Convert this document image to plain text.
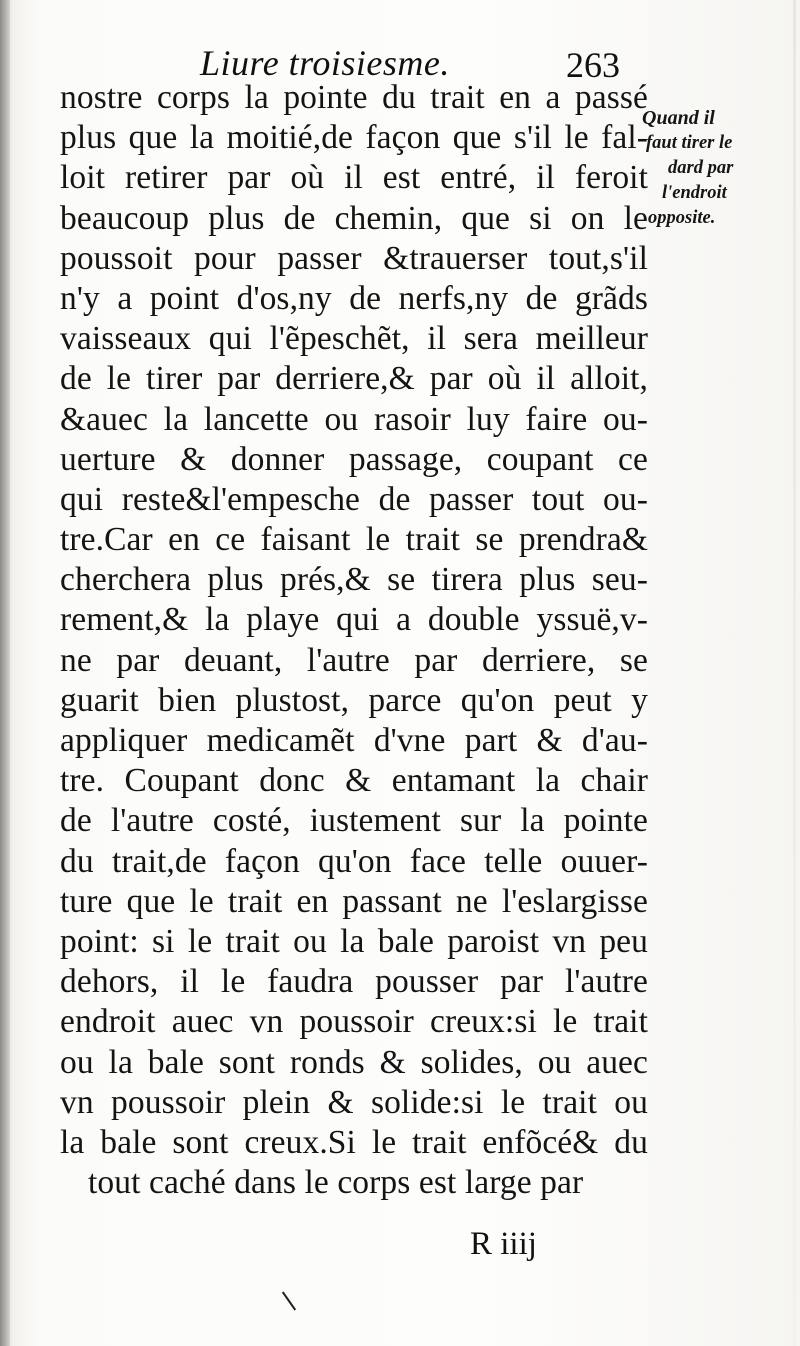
Liure troisiesme.	263
nostre corps la pointe du trait en a passé
plus que la moitié,de façon que s'il le fal-
loit retirer par où il est entré, il feroit
beaucoup plus de chemin, que si on le
poussoit pour passer &trauerser tout,s'il
n'y a point d'os,ny de nerfs,ny de grãds
vaisseaux qui l'ẽpeschẽt, il sera meilleur
de le tirer par derriere,& par où il alloit,
&auec la lancette ou rasoir luy faire ou-
uerture & donner passage, coupant ce
qui reste&l'empesche de passer tout ou-
tre.Car en ce faisant le trait se prendra&
cherchera plus prés,& se tirera plus seu-
rement,& la playe qui a double yssuë,v-
ne par deuant, l'autre par derriere, se
guarit bien plustost, parce qu'on peut y
appliquer medicamẽt d'vne part & d'au-
tre. Coupant donc & entamant la chair
de l'autre costé, iustement sur la pointe
du trait,de façon qu'on face telle ouuer-
ture que le trait en passant ne l'eslargisse
point: si le trait ou la bale paroist vn peu
dehors, il le faudra pousser par l'autre
endroit auec vn poussoir creux:si le trait
ou la bale sont ronds & solides, ou auec
vn poussoir plein & solide:si le trait ou
la bale sont creux.Si le trait enfõcé& du
tout caché dans le corps est large par
Quand il
faut tirer le
dard par
l'endroit
opposite.
R iiij
